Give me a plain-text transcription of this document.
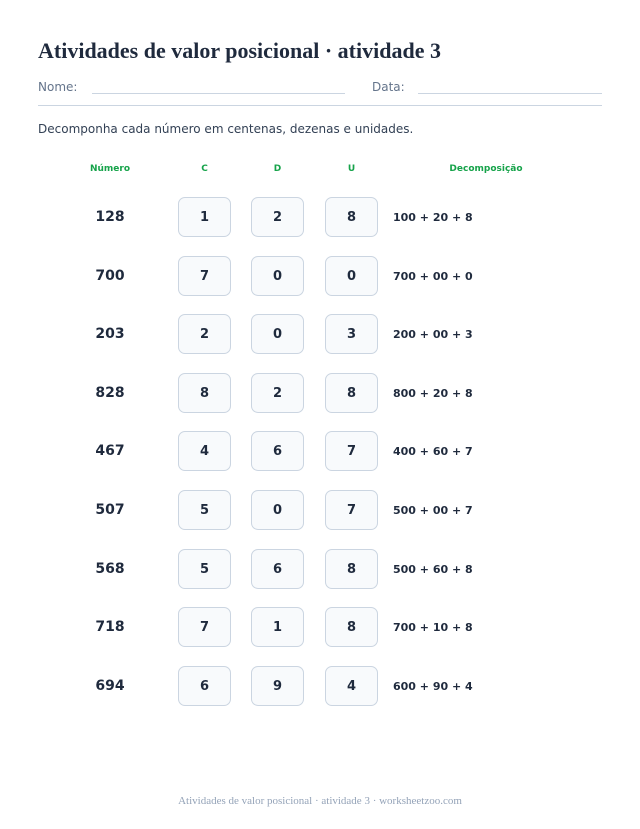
Atividades de valor posicional · atividade 3
Nome:	Data:
Decomponha cada número em centenas, dezenas e unidades.
Número	C	D	U	Decomposição
128	1	2	8	100 + 20 + 8
700	7	0	0	700 + 00 + 0
203	2	0	3	200 + 00 + 3
828	8	2	8	800 + 20 + 8
467	4	6	7	400 + 60 + 7
507	5	0	7	500 + 00 + 7
568	5	6	8	500 + 60 + 8
718	7	1	8	700 + 10 + 8
694	6	9	4	600 + 90 + 4
Atividades de valor posicional · atividade 3 · worksheetzoo.com
